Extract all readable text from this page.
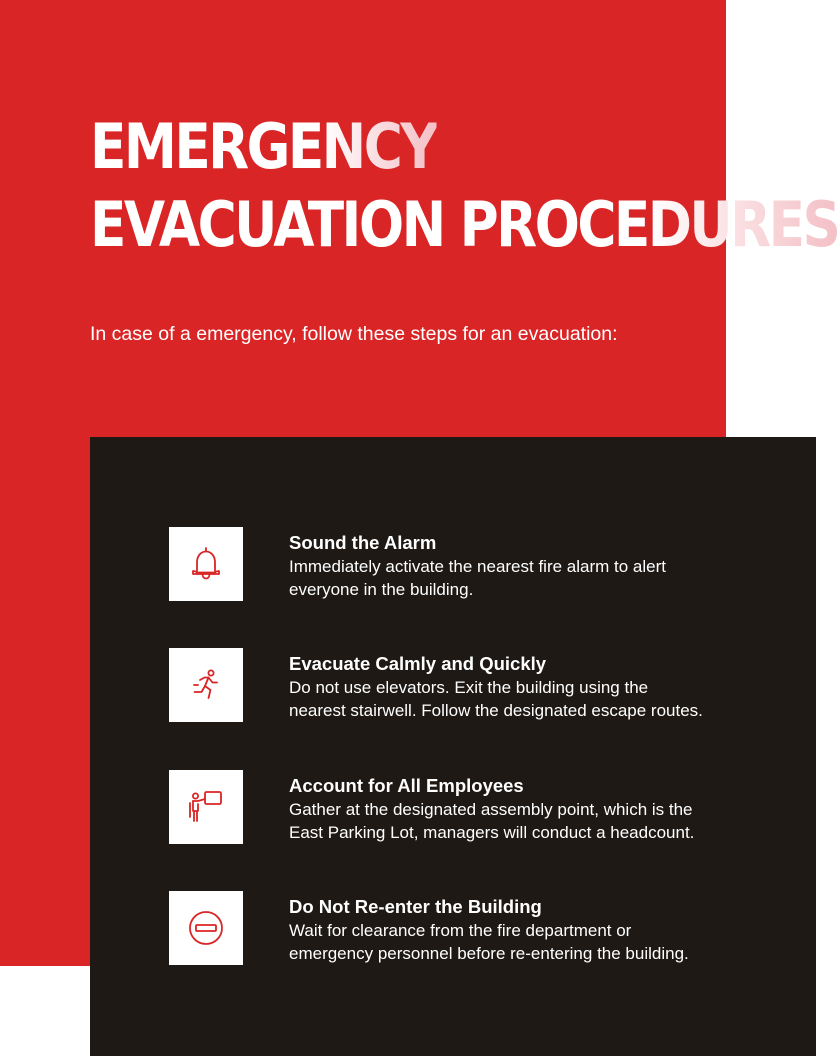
EMERGENCY
EVACUATION PROCEDURES

In case of a emergency, follow these steps for an evacuation:

Sound the Alarm

Immediately activate the nearest fire alarm to alert

everyone in the building.

Evacuate Calmly and Quickly

Do not use elevators. Exit the building using the

nearest stairwell. Follow the designated escape routes.

Account for All Employees

Gather at the designated assembly point, which is the

East Parking Lot, managers will conduct a headcount.

Do Not Re-enter the Building

Wait for clearance from the fire department or

emergency personnel before re-entering the building.
